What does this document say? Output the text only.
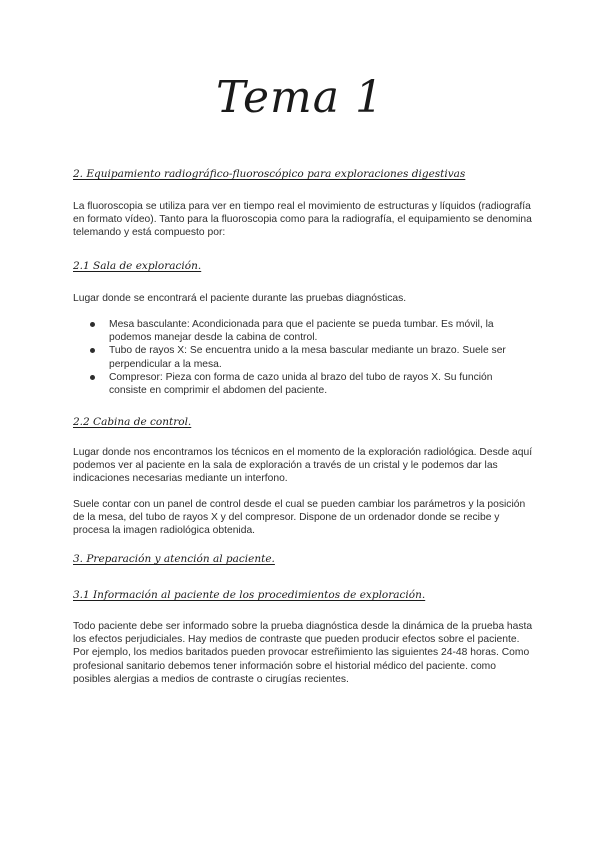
Tema 1
2. Equipamiento radiográfico-fluoroscópico para exploraciones digestivas

La fluoroscopia se utiliza para ver en tiempo real el movimiento de estructuras y líquidos (radiografía en formato vídeo). Tanto para la fluoroscopia como para la radiografía, el equipamiento se denomina telemando y está compuesto por:

2.1 Sala de exploración.

Lugar donde se encontrará el paciente durante las pruebas diagnósticas.

Mesa basculante: Acondicionada para que el paciente se pueda tumbar. Es móvil, la podemos manejar desde la cabina de control.
Tubo de rayos X: Se encuentra unido a la mesa bascular mediante un brazo. Suele ser perpendicular a la mesa.
Compresor: Pieza con forma de cazo unida al brazo del tubo de rayos X. Su función consiste en comprimir el abdomen del paciente.
2.2 Cabina de control.

Lugar donde nos encontramos los técnicos en el momento de la exploración radiológica. Desde aquí podemos ver al paciente en la sala de exploración a través de un cristal y le podemos dar las indicaciones necesarias mediante un interfono.

Suele contar con un panel de control desde el cual se pueden cambiar los parámetros y la posición de la mesa, del tubo de rayos X y del compresor. Dispone de un ordenador donde se recibe y procesa la imagen radiológica obtenida.

3. Preparación y atención al paciente.
3.1 Información al paciente de los procedimientos de exploración.

Todo paciente debe ser informado sobre la prueba diagnóstica desde la dinámica de la prueba hasta los efectos perjudiciales. Hay medios de contraste que pueden producir efectos sobre el paciente. Por ejemplo, los medios baritados pueden provocar estreñimiento las siguientes 24-48 horas. Como profesional sanitario debemos tener información sobre el historial médico del paciente. como posibles alergias a medios de contraste o cirugías recientes.
